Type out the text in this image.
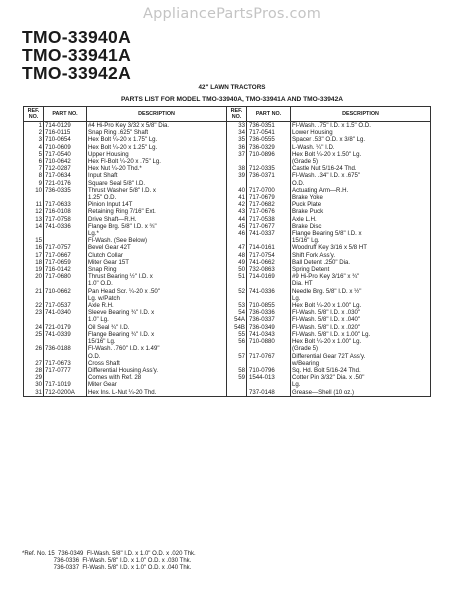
AppliancePartsPros.com
TMO-33940A
TMO-33941A
TMO-33942A
42" LAWN TRACTORS
PARTS LIST FOR MODEL TMO-33940A, TMO-33941A AND TMO-33942A
REF. NO.	PART NO.	DESCRIPTION	REF. NO.	PART NO.	DESCRIPTION
1	714-0129	#4 Hi-Pro Key 3/32 x 5/8" Dia.	33	736-0351	Fl-Wash. .75" I.D. x 1.5" O.D.
2	716-0115	Snap Ring .625" Shaft	34	717-0541	Lower Housing
3	710-0654	Hex Bolt ¼-20 x 1.75" Lg.	35	736-0555	Spacer .53" O.D. x 3/8" Lg.
4	710-0609	Hex Bolt ¼-20 x 1.25" Lg.	36	736-0329	L-Wash. ¼" I.D.
5	717-0540	Upper Housing	37	710-0896	Hex Bolt ¼-20 x 1.50" Lg.
6	710-0642	Hex Fl-Bolt ¼-20 x .75" Lg.			(Grade 5)
7	712-0287	Hex Nut ¼-20 Thd.*	38	712-0335	Castle Nut 5/16-24 Thd.
8	717-0634	Input Shaft	39	736-0371	Fl-Wash. .34" I.D. x .675"
9	721-0176	Square Seal 5/8" I.D.			O.D.
10	736-0335	Thrust Washer 5/8" I.D. x	40	717-0700	Actuating Arm—R.H.
		1.25" O.D.	41	717-0679	Brake Yoke
11	717-0633	Pinion Input 14T	42	717-0682	Puck Plate
12	716-0108	Retaining Ring 7/16" Ext.	43	717-0676	Brake Puck
13	717-0758	Drive Shaft—R.H.	44	717-0538	Axle L.H.
14	741-0336	Flange Brg. 5/8" I.D. x ¾"	45	717-0677	Brake Disc
		Lg.*	46	741-0337	Flange Bearing 5/8" I.D. x
15		Fl-Wash. (See Below)			15/16" Lg.
16	717-0757	Bevel Gear 42T	47	714-0161	Woodruff Key 3/16 x 5/8 HT
17	717-0667	Clutch Collar	48	717-0754	Shift Fork Ass'y.
18	717-0659	Miter Gear 15T	49	741-0662	Ball Detent .250" Dia.
19	716-0142	Snap Ring	50	732-0863	Spring Detent
20	717-0680	Thrust Bearing ½" I.D. x	51	714-0169	#9 Hi-Pro Key 3/16" x ¾"
		1.0" O.D.			Dia. HT
21	710-0662	Pan Head Scr. ¼-20 x .50"	52	741-0336	Needle Brg. 5/8" I.D. x ½"
		Lg. w/Patch			Lg.
22	717-0537	Axle R.H.	53	710-0855	Hex Bolt ¼-20 x 1.00" Lg.
23	741-0340	Sleeve Bearing ¾" I.D. x	54	736-0336	Fl-Wash. 5/8" I.D. x .030"
		1.0" Lg.	54A	736-0337	Fl-Wash. 5/8" I.D. x .040"
24	721-0179	Oil Seal ¾" I.D.	54B	736-0349	Fl-Wash. 5/8" I.D. x .020"
25	741-0339	Flange Bearing ¾" I.D. x	55	741-0343	Fl-Wash. 5/8" I.D. x 1.00" Lg.
		15/16" Lg.	56	710-0880	Hex Bolt ¼-20 x 1.00" Lg.
26	736-0188	Fl-Wash. .760" I.D. x 1.49"			(Grade 5)
		O.D.	57	717-0767	Differential Gear 72T Ass'y.
27	717-0673	Cross Shaft			w/Bearing
28	717-0777	Differential Housing Ass'y.	58	710-0796	Sq. Hd. Bolt 5/16-24 Thd.
29		Comes with Ref. 28	59	1544-013	Cotter Pin 3/32" Dia. x .50"
30	717-1019	Miter Gear			Lg.
31	712-0200A	Hex Ins. L-Nut ¼-20 Thd.		737-0148	Grease—Shell (10 oz.)
*Ref. No. 15  736-0349  Fl-Wash. 5/8" I.D. x 1.0" O.D. x .020 Thk.
736-0336  Fl-Wash. 5/8" I.D. x 1.0" O.D. x .030 Thk.
736-0337  Fl-Wash. 5/8" I.D. x 1.0" O.D. x .040 Thk.
